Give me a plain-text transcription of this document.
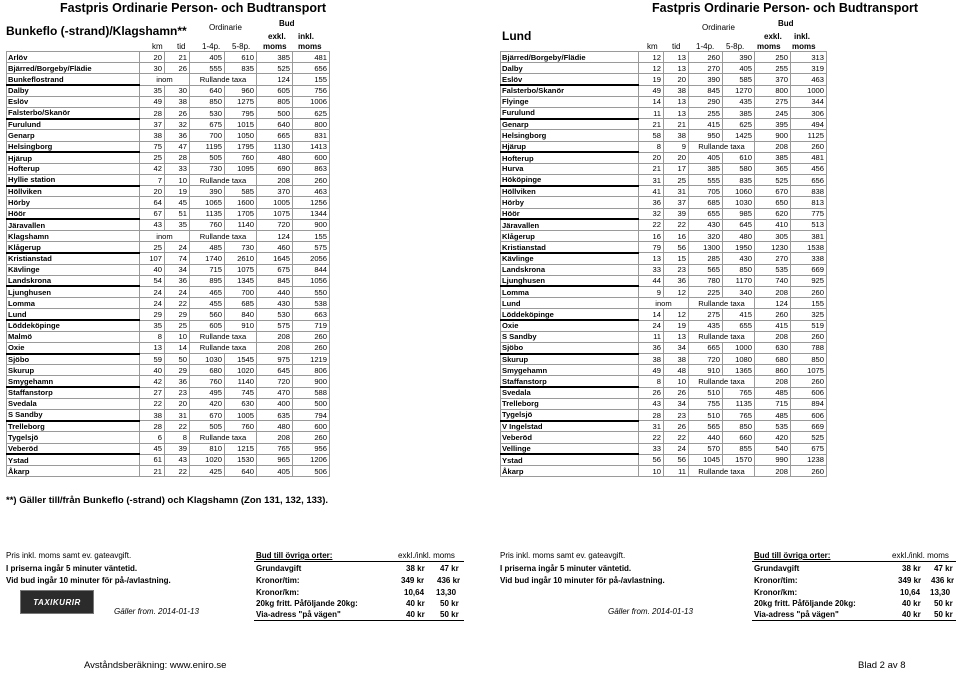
Fastpris Ordinarie Person- och Budtransport
Bunkeflo (-strand)/Klagshamn**
Bud
Ordinarie
exkl. inkl.
km tid 1-4p. 5-8p. moms moms
Arlöv	20	21	405	610	385	481
Bjärred/Borgeby/Flädie	30	26	555	835	525	656
Bunkeflostrand	inom		Rullande taxa		124	155
Dalby	35	30	640	960	605	756
Eslöv	49	38	850	1275	805	1006
Falsterbo/Skanör	28	26	530	795	500	625
Furulund	37	32	675	1015	640	800
Genarp	38	36	700	1050	665	831
Helsingborg	75	47	1195	1795	1130	1413
Hjärup	25	28	505	760	480	600
Hofterup	42	33	730	1095	690	863
Hyllie station	7	10	Rullande taxa		208	260
Höllviken	20	19	390	585	370	463
Hörby	64	45	1065	1600	1005	1256
Höör	67	51	1135	1705	1075	1344
Järavallen	43	35	760	1140	720	900
Klagshamn	inom		Rullande taxa		124	155
Klågerup	25	24	485	730	460	575
Kristianstad	107	74	1740	2610	1645	2056
Kävlinge	40	34	715	1075	675	844
Landskrona	54	36	895	1345	845	1056
Ljunghusen	24	24	465	700	440	550
Lomma	24	22	455	685	430	538
Lund	29	29	560	840	530	663
Löddeköpinge	35	25	605	910	575	719
Malmö	8	10	Rullande taxa		208	260
Oxie	13	14	Rullande taxa		208	260
Sjöbo	59	50	1030	1545	975	1219
Skurup	40	29	680	1020	645	806
Smygehamn	42	36	760	1140	720	900
Staffanstorp	27	23	495	745	470	588
Svedala	22	20	420	630	400	500
S Sandby	38	31	670	1005	635	794
Trelleborg	28	22	505	760	480	600
Tygelsjö	6	8	Rullande taxa		208	260
Veberöd	45	39	810	1215	765	956
Ystad	61	43	1020	1530	965	1206
Åkarp	21	22	425	640	405	506
Fastpris Ordinarie Person- och Budtransport
Lund
Bud
Ordinarie
exkl. inkl.
km tid 1-4p. 5-8p. moms moms
Bjärred/Borgeby/Flädie	12	13	260	390	250	313
Dalby	12	13	270	405	255	319
Eslöv	19	20	390	585	370	463
Falsterbo/Skanör	49	38	845	1270	800	1000
Flyinge	14	13	290	435	275	344
Furulund	11	13	255	385	245	306
Genarp	21	21	415	625	395	494
Helsingborg	58	38	950	1425	900	1125
Hjärup	8	9	Rullande taxa		208	260
Hofterup	20	20	405	610	385	481
Hurva	21	17	385	580	365	456
Hököpinge	31	25	555	835	525	656
Höllviken	41	31	705	1060	670	838
Hörby	36	37	685	1030	650	813
Höör	32	39	655	985	620	775
Järavallen	22	22	430	645	410	513
Klågerup	16	16	320	480	305	381
Kristianstad	79	56	1300	1950	1230	1538
Kävlinge	13	15	285	430	270	338
Landskrona	33	23	565	850	535	669
Ljunghusen	44	36	780	1170	740	925
Lomma	9	12	225	340	208	260
Lund	inom		Rullande taxa		124	155
Löddeköpinge	14	12	275	415	260	325
Oxie	24	19	435	655	415	519
S Sandby	11	13	Rullande taxa		208	260
Sjöbo	36	34	665	1000	630	788
Skurup	38	38	720	1080	680	850
Smygehamn	49	48	910	1365	860	1075
Staffanstorp	8	10	Rullande taxa		208	260
Svedala	26	26	510	765	485	606
Trelleborg	43	34	755	1135	715	894
Tygelsjö	28	23	510	765	485	606
V Ingelstad	31	26	565	850	535	669
Veberöd	22	22	440	660	420	525
Vellinge	33	24	570	855	540	675
Ystad	56	56	1045	1570	990	1238
Åkarp	10	11	Rullande taxa		208	260
**) Gäller till/från Bunkeflo (-strand) och Klagshamn (Zon 131, 132, 133).
Pris inkl. moms samt ev. gateavgift.
I priserna ingår 5 minuter väntetid.
Vid bud ingår 10 minuter för på-/avlastning.
TAXIKURIR
Gäller from. 2014-01-13
Bud till övriga orter:	exkl./inkl. moms
Grundavgift	38 kr 47 kr
Kronor/tim:	349 kr 436 kr
Kronor/km:	10,64 13,30
20kg fritt. Påföljande 20kg:	40 kr 50 kr
Via-adress "på vägen"	40 kr 50 kr
Pris inkl. moms samt ev. gateavgift.
I priserna ingår 5 minuter väntetid.
Vid bud ingår 10 minuter för på-/avlastning.
Gäller from. 2014-01-13
Bud till övriga orter:	exkl./inkl. moms
Grundavgift	38 kr 47 kr
Kronor/tim:	349 kr 436 kr
Kronor/km:	10,64 13,30
20kg fritt. Påföljande 20kg:	40 kr 50 kr
Via-adress "på vägen"	40 kr 50 kr
Avståndsberäkning: www.eniro.se	Blad 2 av 8
